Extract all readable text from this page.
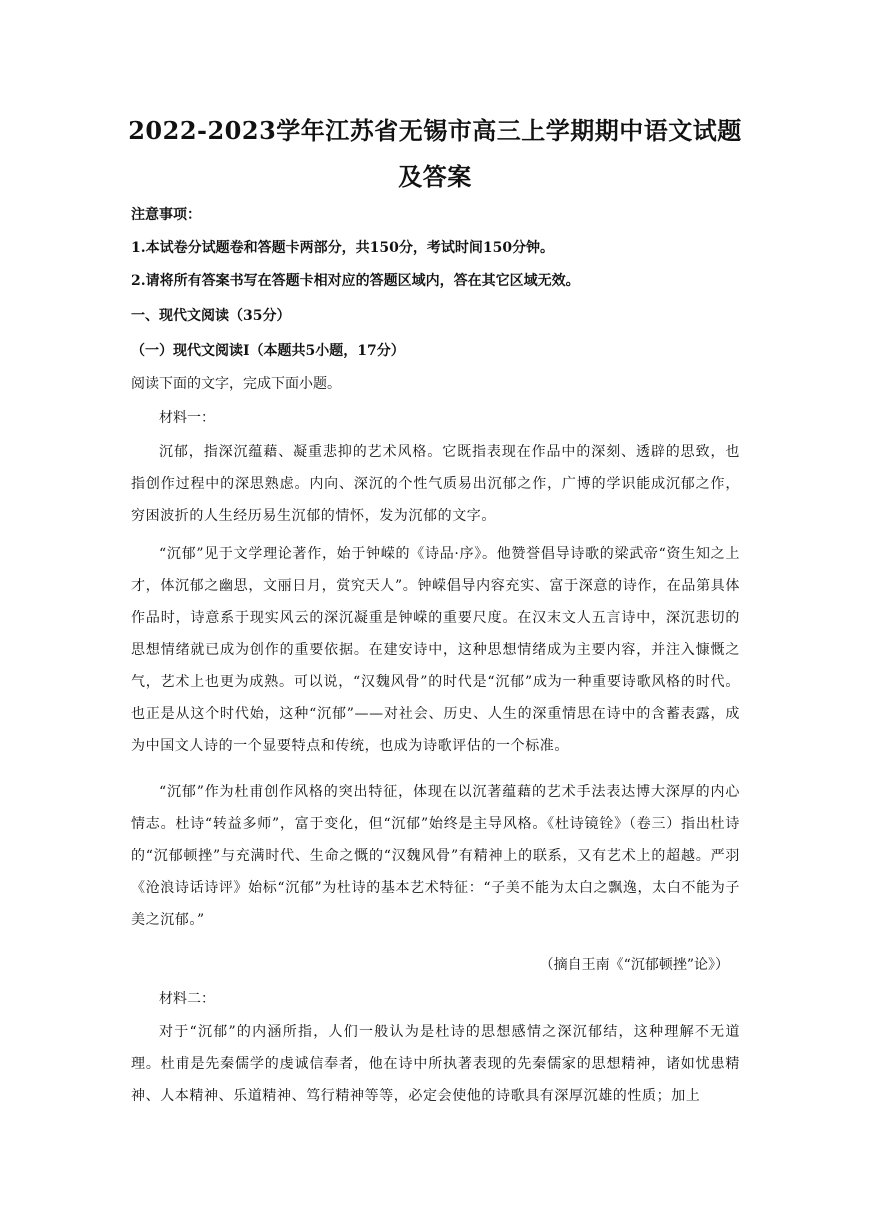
2022-2023学年江苏省无锡市高三上学期期中语文试题及答案

注意事项：

1.本试卷分试题卷和答题卡两部分，共150分，考试时间150分钟。

2.请将所有答案书写在答题卡相对应的答题区域内，答在其它区域无效。

一、现代文阅读（35分）

（一）现代文阅读I（本题共5小题，17分）

阅读下面的文字，完成下面小题。

材料一：

沉郁，指深沉蕴藉、凝重悲抑的艺术风格。它既指表现在作品中的深刻、透辟的思致，也指创作过程中的深思熟虑。内向、深沉的个性气质易出沉郁之作，广博的学识能成沉郁之作，穷困波折的人生经历易生沉郁的情怀，发为沉郁的文字。

“沉郁”见于文学理论著作，始于钟嵘的《诗品·序》。他赞誉倡导诗歌的梁武帝“资生知之上才，体沉郁之幽思，文丽日月，赏究天人”。钟嵘倡导内容充实、富于深意的诗作，在品第具体作品时，诗意系于现实风云的深沉凝重是钟嵘的重要尺度。在汉末文人五言诗中，深沉悲切的思想情绪就已成为创作的重要依据。在建安诗中，这种思想情绪成为主要内容，并注入慷慨之气，艺术上也更为成熟。可以说，“汉魏风骨”的时代是“沉郁”成为一种重要诗歌风格的时代。也正是从这个时代始，这种“沉郁”——对社会、历史、人生的深重情思在诗中的含蓄表露，成为中国文人诗的一个显要特点和传统，也成为诗歌评估的一个标准。

“沉郁”作为杜甫创作风格的突出特征，体现在以沉著蕴藉的艺术手法表达博大深厚的内心情志。杜诗“转益多师”，富于变化，但“沉郁”始终是主导风格。《杜诗镜铨》（卷三）指出杜诗的“沉郁顿挫”与充满时代、生命之慨的“汉魏风骨”有精神上的联系，又有艺术上的超越。严羽《沧浪诗话诗评》始标“沉郁”为杜诗的基本艺术特征：“子美不能为太白之飘逸，太白不能为子美之沉郁。”

（摘自王南《“沉郁顿挫”论》）

材料二：

对于“沉郁”的内涵所指，人们一般认为是杜诗的思想感情之深沉郁结，这种理解不无道理。杜甫是先秦儒学的虔诚信奉者，他在诗中所执著表现的先秦儒家的思想精神，诸如忧患精神、人本精神、乐道精神、笃行精神等等，必定会使他的诗歌具有深厚沉雄的性质；加上
